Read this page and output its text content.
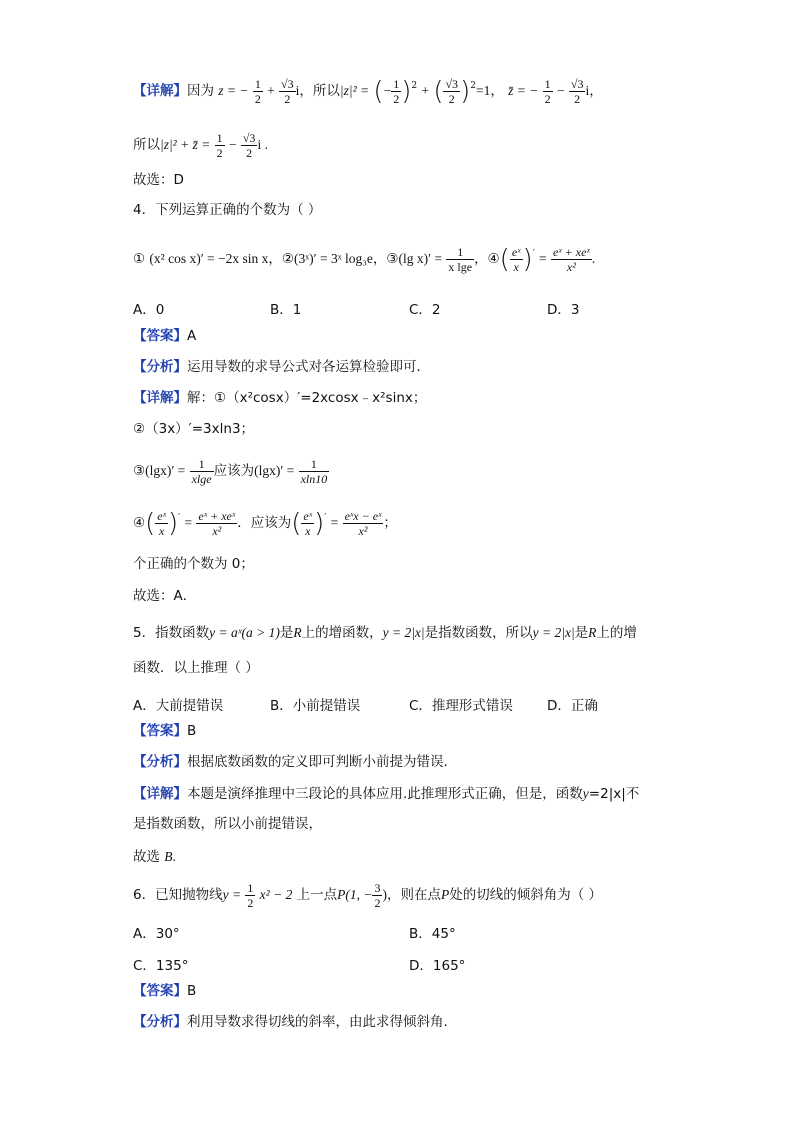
【详解】因为 z = − $\frac{1}{2} + \frac{√3}{2}$ i，所以|z|² = (− $\frac{1}{2} )^2$ + ( $\frac{√3}{2} )^2=1$， z̄ = − $\frac{1}{2} - \frac{√3}{2}$ i，
所以|z|² + z̄ = $\frac{1}{2} - \frac{√3}{2}$ i .
故选：D
4．下列运算正确的个数为（ ）
① (x² cos x)′ = −2x sin x，②(3ˣ)′ = 3ˣ log₃e，③(lg $x)' = \frac{1}{\text{x lge}}$ ，④( $\frac{\text{eˣ}}{x} )' = \frac{\text{eˣ + xeˣ}}{\text{x²}}$ .
A．0	B．1	C．2	D．3
【答案】A
【分析】运用导数的求导公式对各运算检验即可．
【详解】解：①（x²cosx）′=2xcosx﹣x²sinx；
②（3x）′=3xln3；
③(lgx)′ = $\frac{1}{xlge}$ 应该为$(\lg x)' = \frac{1}{xln10}$
④( $\frac{\text{eˣ}}{x} )' = \frac{\text{eˣ + xeˣ}}{\text{x²}}$ ．应该为( $\frac{\text{eˣ}}{x} )' = \frac{\text{eˣx − eˣ}}{\text{x²}}$ ；
个正确的个数为 0；
故选：A．
5．指数函数y = aˣ(a > 1)是R上的增函数，y = 2|x|是指数函数，所以y = 2|x|是R上的增
函数．以上推理（ ）
A．大前提错误	B．小前提错误	C．推理形式错误	D．正确
【答案】B
【分析】根据底数函数的定义即可判断小前提为错误.
【详解】本题是演绎推理中三段论的具体应用.此推理形式正确，但是，函数y=2|x|不
是指数函数，所以小前提错误，
故选 B.
6．已知抛物线$y = \frac{1}{2} x^2 - 2$ 上一点P(1, − $\frac{3}{2}$ )，则在点P处的切线的倾斜角为（ ）
A．30°	B．45°
C．135°	D．165°
【答案】B
【分析】利用导数求得切线的斜率，由此求得倾斜角.
